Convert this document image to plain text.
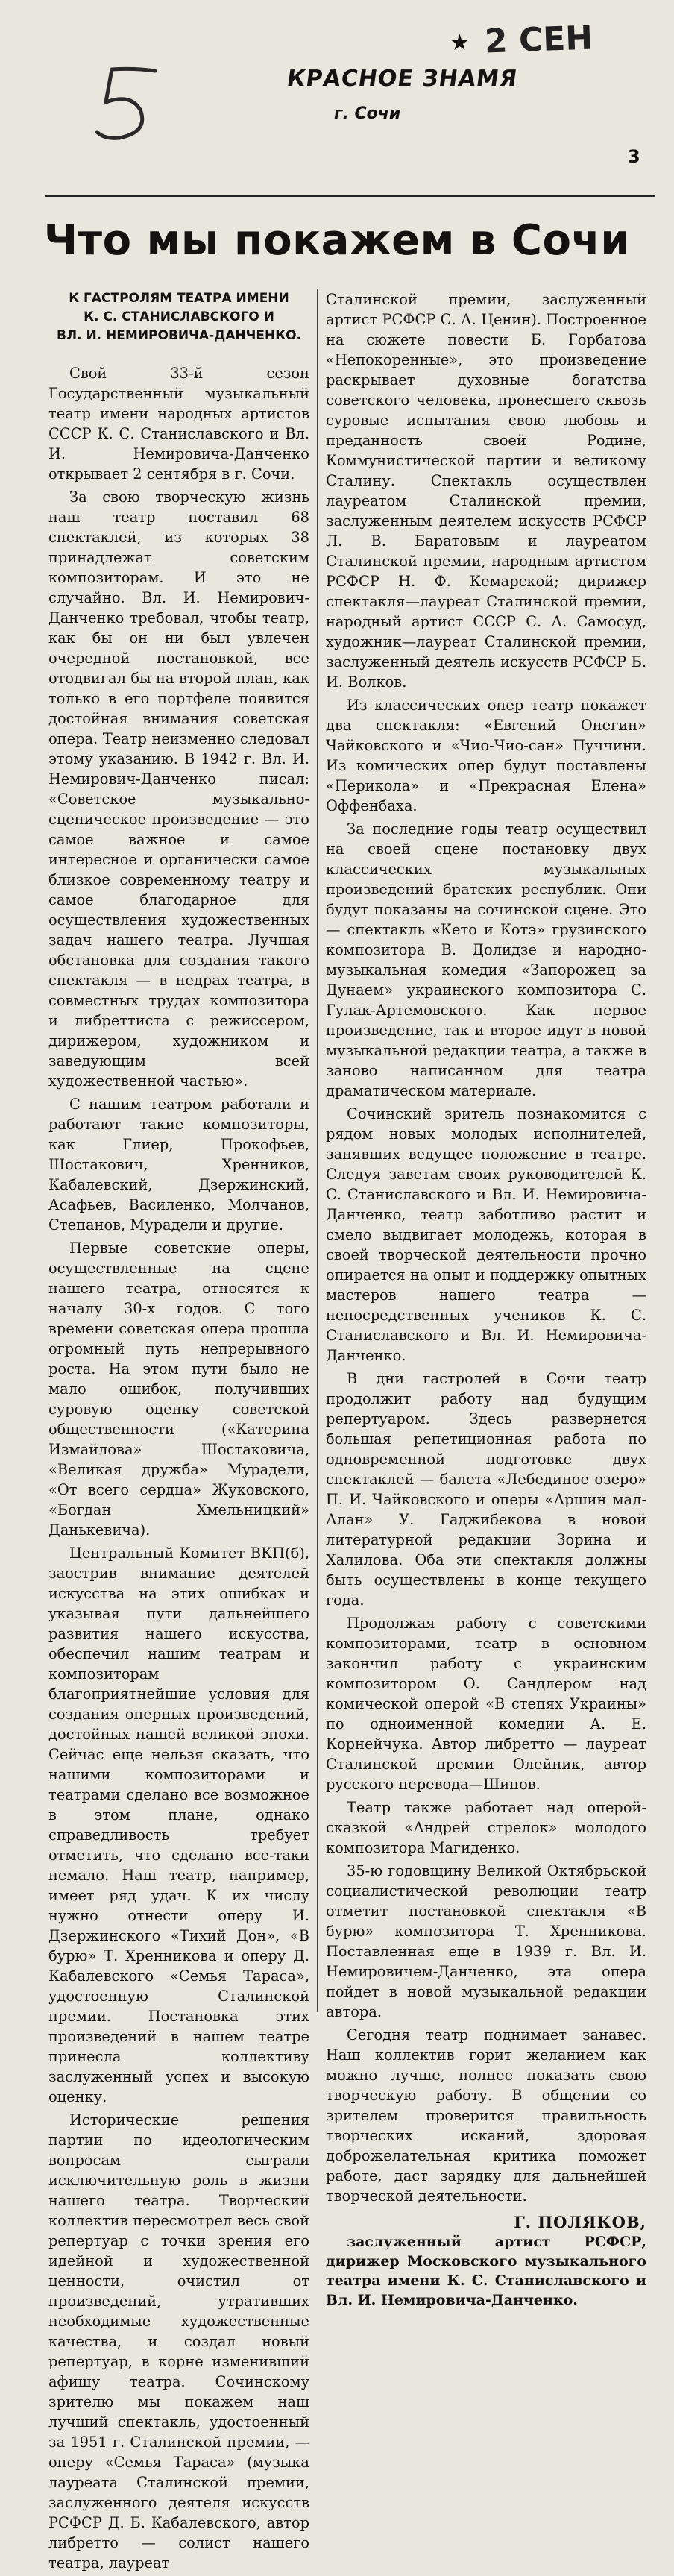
★ 2 СЕН
КРАСНОЕ ЗНАМЯ
г. Сочи
3
Что мы покажем в Сочи
К ГАСТРОЛЯМ ТЕАТРА ИМЕНИ
К. С. СТАНИСЛАВСКОГО И
ВЛ. И. НЕМИРОВИЧА-ДАНЧЕНКО.

Свой 33-й сезон Государственный музыкальный театр имени народных артистов СССР К. С. Станиславского и Вл. И. Немировича-Данченко открывает 2 сентября в г. Сочи.

За свою творческую жизнь наш театр поставил 68 спектаклей, из которых 38 принадлежат советским композиторам. И это не случайно. Вл. И. Немирович-Данченко требовал, чтобы театр, как бы он ни был увлечен очередной постановкой, все отодвигал бы на второй план, как только в его портфеле появится достойная внимания советская опера. Театр неизменно следовал этому указанию. В 1942 г. Вл. И. Немирович-Данченко писал: «Советское музыкально-сценическое произведение — это самое важное и самое интересное и органически самое близкое современному театру и самое благодарное для осуществления художественных задач нашего театра. Лучшая обстановка для создания такого спектакля — в недрах театра, в совместных трудах композитора и либреттиста с режиссером, дирижером, художником и заведующим всей художественной частью».

С нашим театром работали и работают такие композиторы, как Глиер, Прокофьев, Шостакович, Хренников, Кабалевский, Дзержинский, Асафьев, Василенко, Молчанов, Степанов, Мурадели и другие.

Первые советские оперы, осуществленные на сцене нашего театра, относятся к началу 30-х годов. С того времени советская опера прошла огромный путь непрерывного роста. На этом пути было не мало ошибок, получивших суровую оценку советской общественности («Катерина Измайлова» Шостаковича, «Великая дружба» Мурадели, «От всего сердца» Жуковского, «Богдан Хмельницкий» Данькевича).

Центральный Комитет ВКП(б), заострив внимание деятелей искусства на этих ошибках и указывая пути дальнейшего развития нашего искусства, обеспечил нашим театрам и композиторам благоприятнейшие условия для создания оперных произведений, достойных нашей великой эпохи. Сейчас еще нельзя сказать, что нашими композиторами и театрами сделано все возможное в этом плане, однако справедливость требует отметить, что сделано все-таки немало. Наш театр, например, имеет ряд удач. К их числу нужно отнести оперу И. Дзержинского «Тихий Дон», «В бурю» Т. Хренникова и оперу Д. Кабалевского «Семья Тараса», удостоенную Сталинской премии. Постановка этих произведений в нашем театре принесла коллективу заслуженный успех и высокую оценку.

Исторические решения партии по идеологическим вопросам сыграли исключительную роль в жизни нашего театра. Творческий коллектив пересмотрел весь свой репертуар с точки зрения его идейной и художественной ценности, очистил от произведений, утративших необходимые художественные качества, и создал новый репертуар, в корне изменивший афишу театра. Сочинскому зрителю мы покажем наш лучший спектакль, удостоенный за 1951 г. Сталинской премии, — оперу «Семья Тараса» (музыка лауреата Сталинской премии, заслуженного деятеля искусств РСФСР Д. Б. Кабалевского, автор либретто — солист нашего театра, лауреат

Сталинской премии, заслуженный артист РСФСР С. А. Ценин). Построенное на сюжете повести Б. Горбатова «Непокоренные», это произведение раскрывает духовные богатства советского человека, пронесшего сквозь суровые испытания свою любовь и преданность своей Родине, Коммунистической партии и великому Сталину. Спектакль осуществлен лауреатом Сталинской премии, заслуженным деятелем искусств РСФСР Л. В. Баратовым и лауреатом Сталинской премии, народным артистом РСФСР Н. Ф. Кемарской; дирижер спектакля—лауреат Сталинской премии, народный артист СССР С. А. Самосуд, художник—лауреат Сталинской премии, заслуженный деятель искусств РСФСР Б. И. Волков.

Из классических опер театр покажет два спектакля: «Евгений Онегин» Чайковского и «Чио-Чио-сан» Пуччини. Из комических опер будут поставлены «Перикола» и «Прекрасная Елена» Оффенбаха.

За последние годы театр осуществил на своей сцене постановку двух классических музыкальных произведений братских республик. Они будут показаны на сочинской сцене. Это — спектакль «Кето и Котэ» грузинского композитора В. Долидзе и народно-музыкальная комедия «Запорожец за Дунаем» украинского композитора С. Гулак-Артемовского. Как первое произведение, так и второе идут в новой музыкальной редакции театра, а также в заново написанном для театра драматическом материале.

Сочинский зритель познакомится с рядом новых молодых исполнителей, занявших ведущее положение в театре. Следуя заветам своих руководителей К. С. Станиславского и Вл. И. Немировича-Данченко, театр заботливо растит и смело выдвигает молодежь, которая в своей творческой деятельности прочно опирается на опыт и поддержку опытных мастеров нашего театра — непосредственных учеников К. С. Станиславского и Вл. И. Немировича-Данченко.

В дни гастролей в Сочи театр продолжит работу над будущим репертуаром. Здесь развернется большая репетиционная работа по одновременной подготовке двух спектаклей — балета «Лебединое озеро» П. И. Чайковского и оперы «Аршин мал-Алан» У. Гаджибекова в новой литературной редакции Зорина и Халилова. Оба эти спектакля должны быть осуществлены в конце текущего года.

Продолжая работу с советскими композиторами, театр в основном закончил работу с украинским композитором О. Сандлером над комической оперой «В степях Украины» по одноименной комедии А. Е. Корнейчука. Автор либретто — лауреат Сталинской премии Олейник, автор русского перевода—Шипов.

Театр также работает над оперой-сказкой «Андрей стрелок» молодого композитора Магиденко.

35-ю годовщину Великой Октябрьской социалистической революции театр отметит постановкой спектакля «В бурю» композитора Т. Хренникова. Поставленная еще в 1939 г. Вл. И. Немировичем-Данченко, эта опера пойдет в новой музыкальной редакции автора.

Сегодня театр поднимает занавес. Наш коллектив горит желанием как можно лучше, полнее показать свою творческую работу. В общении со зрителем проверится правильность творческих исканий, здоровая доброжелательная критика поможет работе, даст зарядку для дальнейшей творческой деятельности.

Г. ПОЛЯКОВ,

заслуженный артист РСФСР, дирижер Московского музыкального театра имени К. С. Станиславского и Вл. И. Немировича-Данченко.
